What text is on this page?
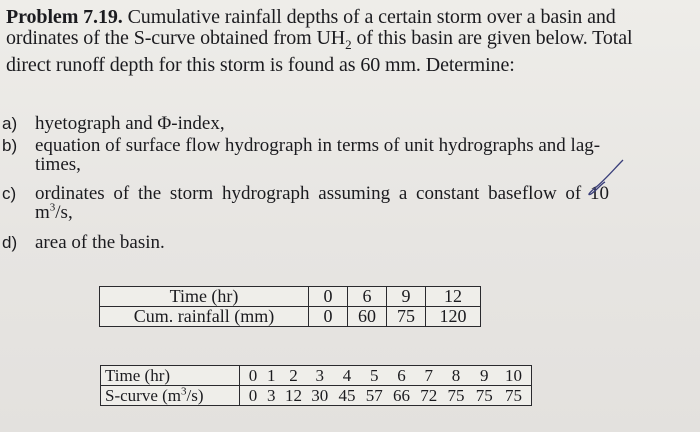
Problem 7.19. Cumulative rainfall depths of a certain storm over a basin and
ordinates of the S-curve obtained from $UH_2$ of this basin are given below. Total
direct runoff depth for this storm is found as 60 mm. Determine:
a) hyetograph and Φ-index,
b) equation of surface flow hydrograph in terms of unit hydrographs and lag-
times,
c) ordinates of the storm hydrograph assuming a constant baseflow of 10
$m^3/s$,
d) area of the basin.
Time (hr)	0	6	9	12
Cum. rainfall (mm)	0	60	75	120
Time (hr)	0 1 2 3 4 5 6 7 8 9 10
S-curve $(m^3/s)$	0 3 12 30 45 57 66 72 75 75 75
